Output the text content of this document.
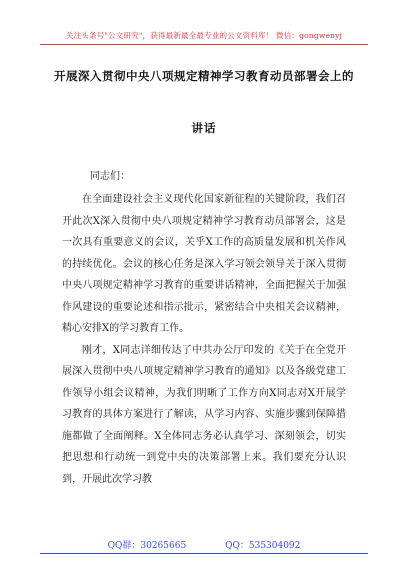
关注头条号"公文研究"，获得最新最全最专业的公文资料库！ 微信：gongwenyj
开展深入贯彻中央八项规定精神学习教育动员部署会上的
讲话
同志们：

在全面建设社会主义现代化国家新征程的关键阶段，我们召开此次X深入贯彻中央八项规定精神学习教育动员部署会，这是一次具有重要意义的会议，关乎X工作的高质量发展和机关作风的持续优化。会议的核心任务是深入学习领会领导关于深入贯彻中央八项规定精神学习教育的重要讲话精神，全面把握关于加强作风建设的重要论述和指示批示，紧密结合中央相关会议精神，精心安排X的学习教育工作。

刚才，X同志详细传达了中共办公厅印发的《关于在全党开展深入贯彻中央八项规定精神学习教育的通知》以及各级党建工作领导小组会议精神，为我们明晰了工作方向X同志对X开展学习教育的具体方案进行了解读，从学习内容、实施步骤到保障措施都做了全面阐释。X全体同志务必认真学习、深刻领会，切实把思想和行动统一到党中央的决策部署上来。我们要充分认识到，开展此次学习教

QQ群：30265665	QQ：535304092
